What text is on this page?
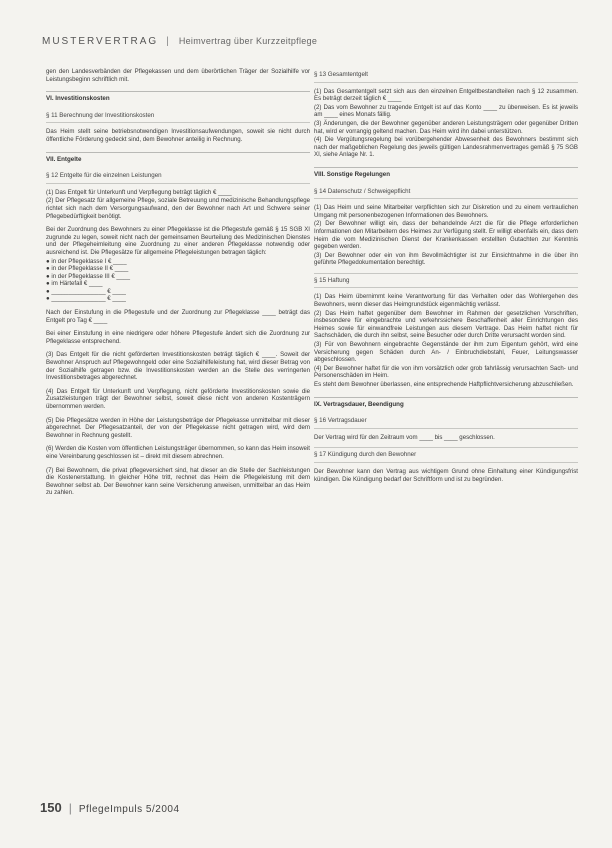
MUSTERVERTRAG | Heimvertrag über Kurzzeitpflege

gen den Landesverbänden der Pflegekassen und dem überörtlichen Träger der Sozialhilfe vor Leistungsbeginn schriftlich mit.

VI. Investitionskosten
§ 11 Berechnung der Investitionskosten

Das Heim stellt seine betriebsnotwendigen Investitionsaufwendungen, soweit sie nicht durch öffentliche Förderung gedeckt sind, dem Bewohner anteilig in Rechnung.

VII. Entgelte
§ 12 Entgelte für die einzelnen Leistungen

(1) Das Entgelt für Unterkunft und Verpflegung beträgt täglich € ____

(2) Der Pflegesatz für allgemeine Pflege, soziale Betreuung und medizinische Behandlungspflege richtet sich nach dem Versorgungsaufwand, den der Bewohner nach Art und Schwere seiner Pflegebedürftigkeit benötigt.

Bei der Zuordnung des Bewohners zu einer Pflegeklasse ist die Pflegestufe gemäß § 15 SGB XI zugrunde zu legen, soweit nicht nach der gemeinsamen Beurteilung des Medizinischen Dienstes und der Pflegeheimleitung eine Zuordnung zu einer anderen Pflegeklasse notwendig oder ausreichend ist. Die Pflegesätze für allgemeine Pflegeleistungen betragen täglich:

● in der Pflegeklasse I € ____
● in der Pflegeklasse II € ____
● in der Pflegeklasse III € ____
● im Härtefall € ____
● ________________ € ____
● ________________ € ____

Nach der Einstufung in die Pflegestufe und der Zuordnung zur Pflegeklasse ____ beträgt das Entgelt pro Tag € ____

Bei einer Einstufung in eine niedrigere oder höhere Pflegestufe ändert sich die Zuordnung zur Pflegeklasse entsprechend.

(3) Das Entgelt für die nicht geförderten Investitionskosten beträgt täglich € ____. Soweit der Bewohner Anspruch auf Pflegewohngeld oder eine Sozialhilfeleistung hat, wird dieser Betrag von der Sozialhilfe getragen bzw. die Investitionskosten werden an die Stelle des verringerten Investitionsbetrages abgerechnet.

(4) Das Entgelt für Unterkunft und Verpflegung, nicht geförderte Investitionskosten sowie die Zusatzleistungen trägt der Bewohner selbst, soweit diese nicht von anderen Kostenträgern übernommen werden.

(5) Die Pflegesätze werden in Höhe der Leistungsbeträge der Pflegekasse unmittelbar mit dieser abgerechnet. Der Pflegesatzanteil, der von der Pflegekasse nicht getragen wird, wird dem Bewohner in Rechnung gestellt.

(6) Werden die Kosten vom öffentlichen Leistungsträger übernommen, so kann das Heim insoweit eine Vereinbarung geschlossen ist – direkt mit diesem abrechnen.

(7) Bei Bewohnern, die privat pflegeversichert sind, hat dieser an die Stelle der Sachleistungen die Kostenerstattung. In gleicher Höhe tritt, rechnet das Heim die Pflegeleistung mit dem Bewohner selbst ab. Der Bewohner kann seine Versicherung anweisen, unmittelbar an das Heim zu zahlen.

§ 13 Gesamtentgelt

(1) Das Gesamtentgelt setzt sich aus den einzelnen Entgeltbestandteilen nach § 12 zusammen. Es beträgt derzeit täglich € ____

(2) Das vom Bewohner zu tragende Entgelt ist auf das Konto ____ zu überweisen. Es ist jeweils am ____ eines Monats fällig.

(3) Änderungen, die der Bewohner gegenüber anderen Leistungsträgern oder gegenüber Dritten hat, wird er vorrangig geltend machen. Das Heim wird ihn dabei unterstützen.

(4) Die Vergütungsregelung bei vorübergehender Abwesenheit des Bewohners bestimmt sich nach der maßgeblichen Regelung des jeweils gültigen Landesrahmenvertrages gemäß § 75 SGB XI, siehe Anlage Nr. 1.

VIII. Sonstige Regelungen
§ 14 Datenschutz / Schweigepflicht

(1) Das Heim und seine Mitarbeiter verpflichten sich zur Diskretion und zu einem vertraulichen Umgang mit personenbezogenen Informationen des Bewohners.

(2) Der Bewohner willigt ein, dass der behandelnde Arzt die für die Pflege erforderlichen Informationen den Mitarbeitern des Heimes zur Verfügung stellt. Er willigt ebenfalls ein, dass dem Heim die vom Medizinischen Dienst der Krankenkassen erstellten Gutachten zur Kenntnis gegeben werden.

(3) Der Bewohner oder ein von ihm Bevollmächtigter ist zur Einsichtnahme in die über ihn geführte Pflegedokumentation berechtigt.

§ 15 Haftung

(1) Das Heim übernimmt keine Verantwortung für das Verhalten oder das Wohlergehen des Bewohners, wenn dieser das Heimgrundstück eigenmächtig verlässt.

(2) Das Heim haftet gegenüber dem Bewohner im Rahmen der gesetzlichen Vorschriften, insbesondere für eingebrachte und verkehrssichere Beschaffenheit aller Einrichtungen des Heimes sowie für einwandfreie Leistungen aus diesem Vertrage. Das Heim haftet nicht für Sachschäden, die durch ihn selbst, seine Besucher oder durch Dritte verursacht worden sind.

(3) Für von Bewohnern eingebrachte Gegenstände der ihm zum Eigentum gehört, wird eine Versicherung gegen Schäden durch An- / Einbruchdiebstahl, Feuer, Leitungswasser abgeschlossen.

(4) Der Bewohner haftet für die von ihm vorsätzlich oder grob fahrlässig verursachten Sach- und Personenschäden im Heim.

Es steht dem Bewohner überlassen, eine entsprechende Haftpflichtversicherung abzuschließen.

IX. Vertragsdauer, Beendigung
§ 16 Vertragsdauer

Der Vertrag wird für den Zeitraum vom ____ bis ____ geschlossen.

§ 17 Kündigung durch den Bewohner

Der Bewohner kann den Vertrag aus wichtigem Grund ohne Einhaltung einer Kündigungsfrist kündigen. Die Kündigung bedarf der Schriftform und ist zu begründen.

150 | PflegeImpuls 5/2004
